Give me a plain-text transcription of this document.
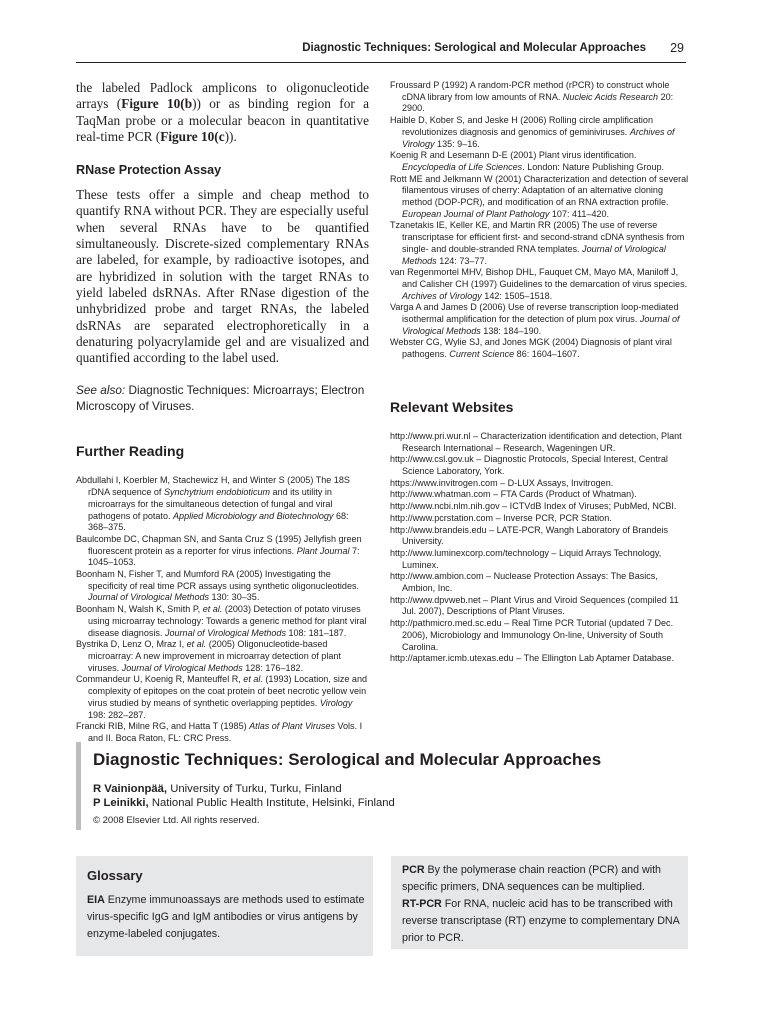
Diagnostic Techniques: Serological and Molecular Approaches 29

the labeled Padlock amplicons to oligonucleotide arrays (Figure 10(b)) or as binding region for a TaqMan probe or a molecular beacon in quantitative real-time PCR (Figure 10(c)).

RNase Protection Assay

These tests offer a simple and cheap method to quantify RNA without PCR. They are especially useful when several RNAs have to be quantified simultaneously. Discrete-sized complementary RNAs are labeled, for example, by radioactive isotopes, and are hybridized in solution with the target RNAs to yield labeled dsRNAs. After RNase digestion of the unhybridized probe and target RNAs, the labeled dsRNAs are separated electrophoretically in a denaturing polyacrylamide gel and are visualized and quantified according to the label used.

See also: Diagnostic Techniques: Microarrays; Electron Microscopy of Viruses.

Further Reading
Abdullahi I, Koerbler M, Stachewicz H, and Winter S (2005) The 18S rDNA sequence of Synchytrium endobioticum and its utility in microarrays for the simultaneous detection of fungal and viral pathogens of potato. Applied Microbiology and Biotechnology 68: 368–375.
Baulcombe DC, Chapman SN, and Santa Cruz S (1995) Jellyfish green fluorescent protein as a reporter for virus infections. Plant Journal 7: 1045–1053.
Boonham N, Fisher T, and Mumford RA (2005) Investigating the specificity of real time PCR assays using synthetic oligonucleotides. Journal of Virological Methods 130: 30–35.
Boonham N, Walsh K, Smith P, et al. (2003) Detection of potato viruses using microarray technology: Towards a generic method for plant viral disease diagnosis. Journal of Virological Methods 108: 181–187.
Bystrika D, Lenz O, Mraz I, et al. (2005) Oligonucleotide-based microarray: A new improvement in microarray detection of plant viruses. Journal of Virological Methods 128: 176–182.
Commandeur U, Koenig R, Manteuffel R, et al. (1993) Location, size and complexity of epitopes on the coat protein of beet necrotic yellow vein virus studied by means of synthetic overlapping peptides. Virology 198: 282–287.
Francki RIB, Milne RG, and Hatta T (1985) Atlas of Plant Viruses Vols. I and II. Boca Raton, FL: CRC Press.
Froussard P (1992) A random-PCR method (rPCR) to construct whole cDNA library from low amounts of RNA. Nucleic Acids Research 20: 2900.
Haible D, Kober S, and Jeske H (2006) Rolling circle amplification revolutionizes diagnosis and genomics of geminiviruses. Archives of Virology 135: 9–16.
Koenig R and Lesemann D-E (2001) Plant virus identification. Encyclopedia of Life Sciences. London: Nature Publishing Group.
Rott ME and Jelkmann W (2001) Characterization and detection of several filamentous viruses of cherry: Adaptation of an alternative cloning method (DOP-PCR), and modification of an RNA extraction profile. European Journal of Plant Pathology 107: 411–420.
Tzanetakis IE, Keller KE, and Martin RR (2005) The use of reverse transcriptase for efficient first- and second-strand cDNA synthesis from single- and double-stranded RNA templates. Journal of Virological Methods 124: 73–77.
van Regenmortel MHV, Bishop DHL, Fauquet CM, Mayo MA, Maniloff J, and Calisher CH (1997) Guidelines to the demarcation of virus species. Archives of Virology 142: 1505–1518.
Varga A and James D (2006) Use of reverse transcription loop-mediated isothermal amplification for the detection of plum pox virus. Journal of Virological Methods 138: 184–190.
Webster CG, Wylie SJ, and Jones MGK (2004) Diagnosis of plant viral pathogens. Current Science 86: 1604–1607.
Relevant Websites
http://www.pri.wur.nl – Characterization identification and detection, Plant Research International – Research, Wageningen UR.
http://www.csl.gov.uk – Diagnostic Protocols, Special Interest, Central Science Laboratory, York.
https://www.invitrogen.com – D-LUX Assays, Invitrogen.
http://www.whatman.com – FTA Cards (Product of Whatman).
http://www.ncbi.nlm.nih.gov – ICTVdB Index of Viruses; PubMed, NCBI.
http://www.pcrstation.com – Inverse PCR, PCR Station.
http://www.brandeis.edu – LATE-PCR, Wangh Laboratory of Brandeis University.
http://www.luminexcorp.com/technology – Liquid Arrays Technology, Luminex.
http://www.ambion.com – Nuclease Protection Assays: The Basics, Ambion, Inc.
http://www.dpvweb.net – Plant Virus and Viroid Sequences (compiled 11 Jul. 2007), Descriptions of Plant Viruses.
http://pathmicro.med.sc.edu – Real Time PCR Tutorial (updated 7 Dec. 2006), Microbiology and Immunology On-line, University of South Carolina.
http://aptamer.icmb.utexas.edu – The Ellington Lab Aptamer Database.
Diagnostic Techniques: Serological and Molecular Approaches
R Vainionpää, University of Turku, Turku, Finland
P Leinikki, National Public Health Institute, Helsinki, Finland
© 2008 Elsevier Ltd. All rights reserved.
Glossary

EIA Enzyme immunoassays are methods used to estimate virus-specific IgG and IgM antibodies or virus antigens by enzyme-labeled conjugates.

PCR By the polymerase chain reaction (PCR) and with specific primers, DNA sequences can be multiplied.

RT-PCR For RNA, nucleic acid has to be transcribed with reverse transcriptase (RT) enzyme to complementary DNA prior to PCR.
